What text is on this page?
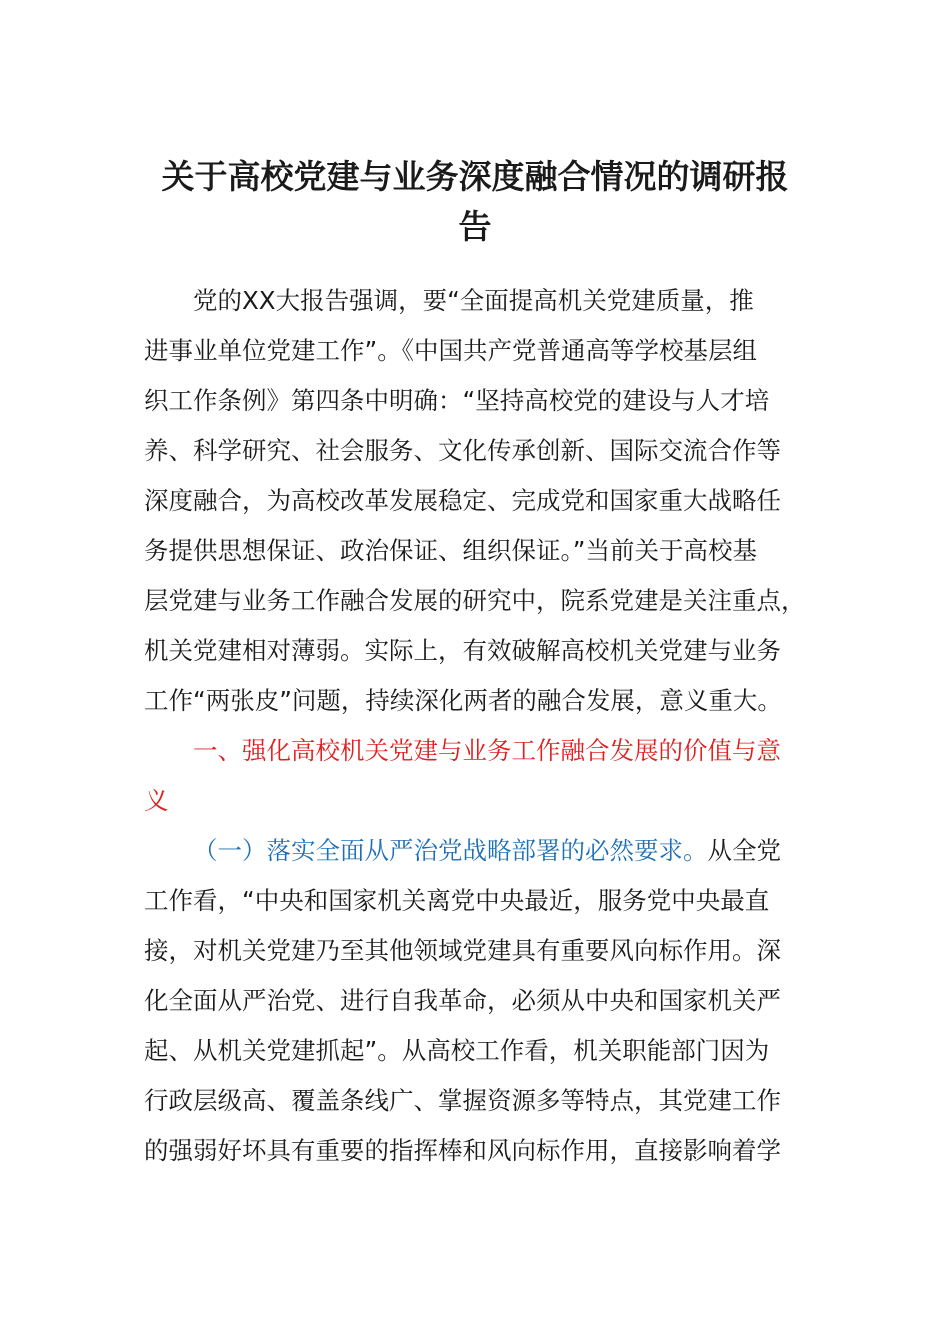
关于高校党建与业务深度融合情况的调研报
告
党的XX大报告强调，要“全面提高机关党建质量，推
进事业单位党建工作”。《中国共产党普通高等学校基层组
织工作条例》第四条中明确：“坚持高校党的建设与人才培
养、科学研究、社会服务、文化传承创新、国际交流合作等
深度融合，为高校改革发展稳定、完成党和国家重大战略任
务提供思想保证、政治保证、组织保证。”当前关于高校基
层党建与业务工作融合发展的研究中，院系党建是关注重点，
机关党建相对薄弱。实际上，有效破解高校机关党建与业务
工作“两张皮”问题，持续深化两者的融合发展，意义重大。
一、强化高校机关党建与业务工作融合发展的价值与意
义
（一）落实全面从严治党战略部署的必然要求。从全党
工作看，“中央和国家机关离党中央最近，服务党中央最直
接，对机关党建乃至其他领域党建具有重要风向标作用。深
化全面从严治党、进行自我革命，必须从中央和国家机关严
起、从机关党建抓起”。从高校工作看，机关职能部门因为
行政层级高、覆盖条线广、掌握资源多等特点，其党建工作
的强弱好坏具有重要的指挥棒和风向标作用，直接影响着学
